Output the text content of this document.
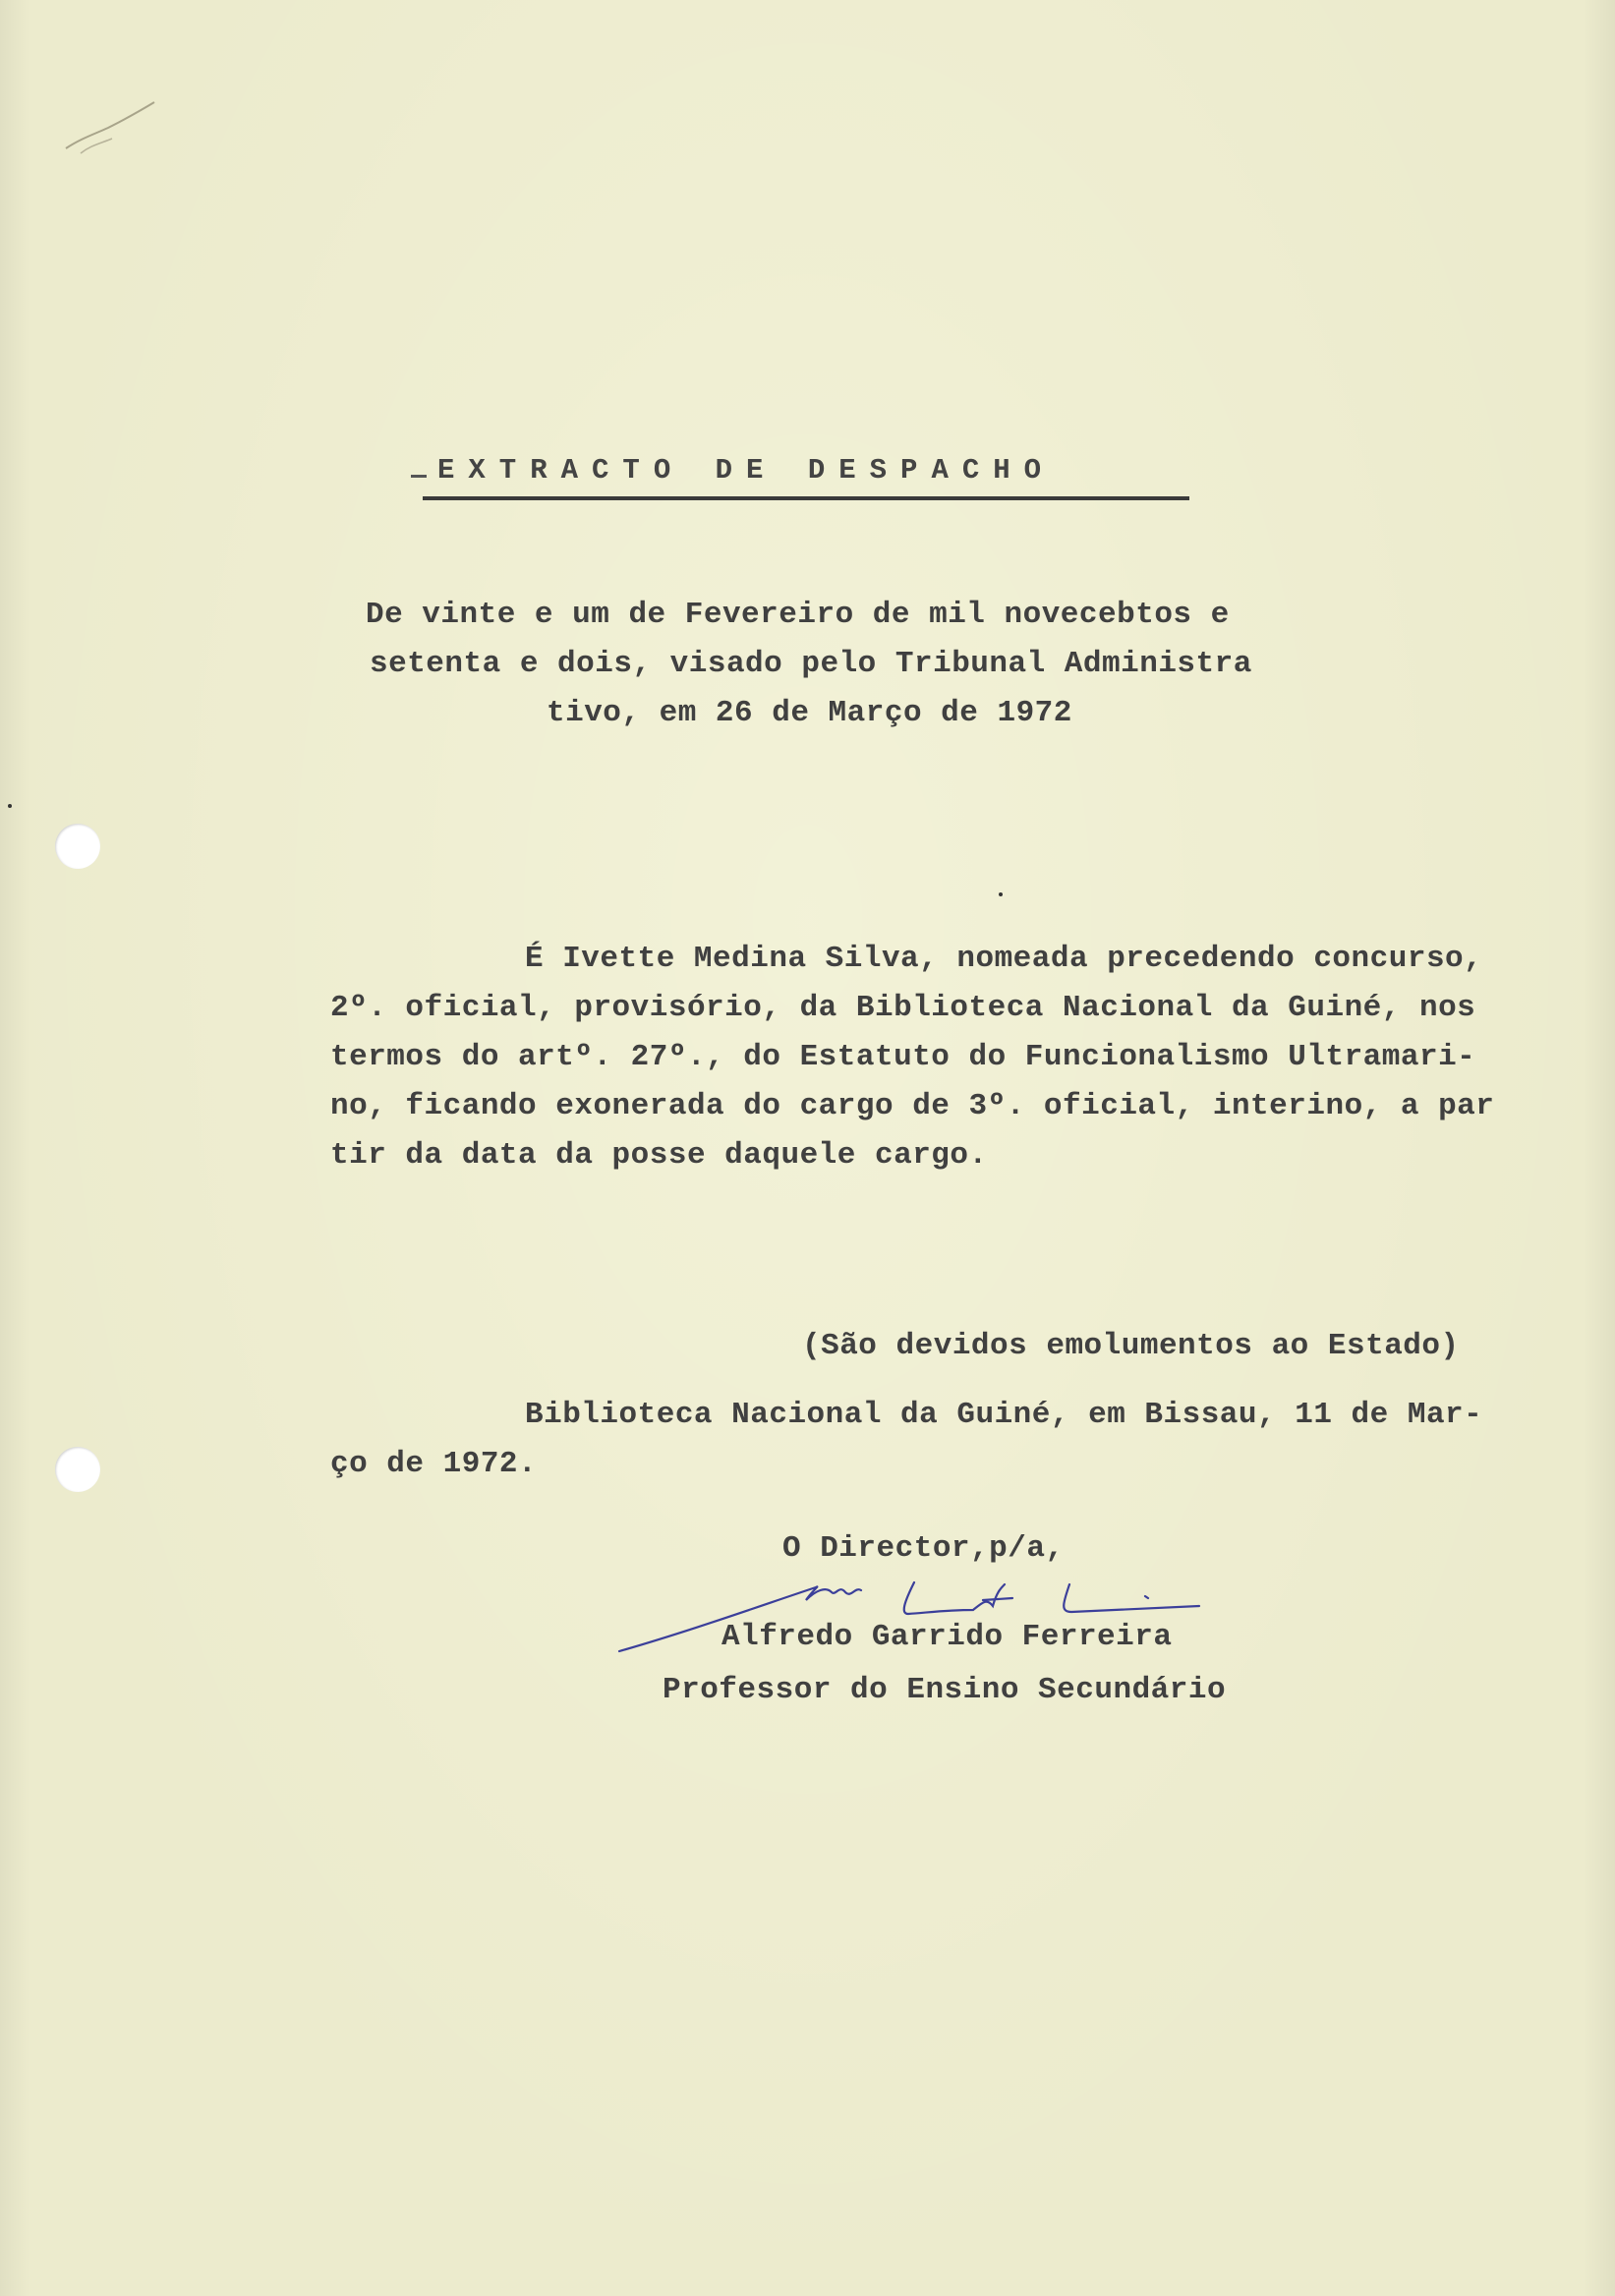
EXTRACTO DE DESPACHO
De vinte e um de Fevereiro de mil novecebtos e
setenta e dois, visado pelo Tribunal Administra
tivo, em 26 de Março de 1972
É Ivette Medina Silva, nomeada precedendo concurso,
2º. oficial, provisório, da Biblioteca Nacional da Guiné, nos
termos do artº. 27º., do Estatuto do Funcionalismo Ultramari-
no, ficando exonerada do cargo de 3º. oficial, interino, a par
tir da data da posse daquele cargo.
(São devidos emolumentos ao Estado)
Biblioteca Nacional da Guiné, em Bissau, 11 de Mar-
ço de 1972.
O Director,p/a,
Alfredo Garrido Ferreira
Professor do Ensino Secundário
